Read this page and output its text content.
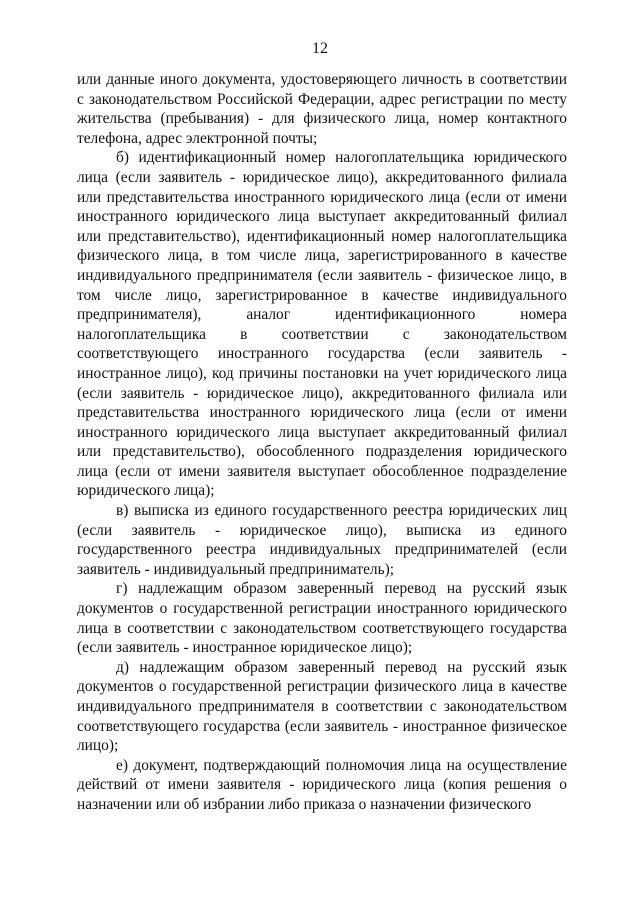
12

или данные иного документа, удостоверяющего личность в соответствии с законодательством Российской Федерации, адрес регистрации по месту жительства (пребывания) - для физического лица, номер контактного телефона, адрес электронной почты;

б) идентификационный номер налогоплательщика юридического лица (если заявитель - юридическое лицо), аккредитованного филиала или представительства иностранного юридического лица (если от имени иностранного юридического лица выступает аккредитованный филиал или представительство), идентификационный номер налогоплательщика физического лица, в том числе лица, зарегистрированного в качестве индивидуального предпринимателя (если заявитель - физическое лицо, в том числе лицо, зарегистрированное в качестве индивидуального предпринимателя), аналог идентификационного номера налогоплательщика в соответствии с законодательством соответствующего иностранного государства (если заявитель - иностранное лицо), код причины постановки на учет юридического лица (если заявитель - юридическое лицо), аккредитованного филиала или представительства иностранного юридического лица (если от имени иностранного юридического лица выступает аккредитованный филиал или представительство), обособленного подразделения юридического лица (если от имени заявителя выступает обособленное подразделение юридического лица);

в) выписка из единого государственного реестра юридических лиц (если заявитель - юридическое лицо), выписка из единого государственного реестра индивидуальных предпринимателей (если заявитель - индивидуальный предприниматель);

г) надлежащим образом заверенный перевод на русский язык документов о государственной регистрации иностранного юридического лица в соответствии с законодательством соответствующего государства (если заявитель - иностранное юридическое лицо);

д) надлежащим образом заверенный перевод на русский язык документов о государственной регистрации физического лица в качестве индивидуального предпринимателя в соответствии с законодательством соответствующего государства (если заявитель - иностранное физическое лицо);

е) документ, подтверждающий полномочия лица на осуществление действий от имени заявителя - юридического лица (копия решения о назначении или об избрании либо приказа о назначении физического
